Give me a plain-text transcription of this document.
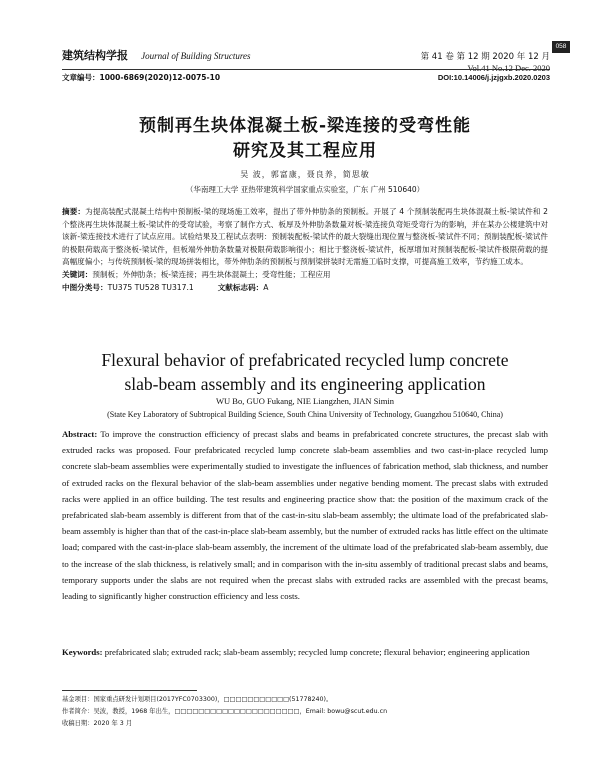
建筑结构学报 Journal of Building Structures	第 41 卷 第 12 期 2020 年 12 月
Vol.41 No.12 Dec. 2020
058
文章编号：1000-6869(2020)12-0075-10	DOI:10.14006/j.jzjgxb.2020.0203
预制再生块体混凝土板-梁连接的受弯性能
研究及其工程应用
吴 波，郭富康，聂良养，简思敏
（华南理工大学 亚热带建筑科学国家重点实验室，广东 广州 510640）
摘要：为提高装配式混凝土结构中预制板-梁的现场施工效率，提出了带外伸肋条的预制板。开展了 4 个预制装配再生块体混凝土板-梁试件和 2 个整浇再生块体混凝土板-梁试件的受弯试验，考察了制作方式、板厚及外伸肋条数量对板-梁连接负弯矩受弯行为的影响，并在某办公楼建筑中对该新-梁连接技术进行了试点应用。试验结果及工程试点表明：预制装配板-梁试件的最大裂缝出现位置与整浇板-梁试件不同；预制装配板-梁试件的极限荷载高于整浇板-梁试件，但板端外伸肋条数量对极限荷载影响很小；相比于整浇板-梁试件，板厚增加对预制装配板-梁试件极限荷载的提高幅度偏小；与传统预制板-梁的现场拼装相比，带外伸肋条的预制板与预制梁拼装时无需施工临时支撑，可提高施工效率，节约施工成本。
关键词：预制板；外伸肋条；板-梁连接；再生块体混凝土；受弯性能；工程应用
中图分类号：TU375 TU528 TU317.1	文献标志码：A
Flexural behavior of prefabricated recycled lump concrete
slab-beam assembly and its engineering application
WU Bo, GUO Fukang, NIE Liangzhen, JIAN Simin
(State Key Laboratory of Subtropical Building Science, South China University of Technology, Guangzhou 510640, China)
Abstract: To improve the construction efficiency of precast slabs and beams in prefabricated concrete structures, the precast slab with extruded racks was proposed. Four prefabricated recycled lump concrete slab-beam assemblies and two cast-in-place recycled lump concrete slab-beam assemblies were experimentally studied to investigate the influences of fabrication method, slab thickness, and number of extruded racks on the flexural behavior of the slab-beam assemblies under negative bending moment. The precast slabs with extruded racks were applied in an office building. The test results and engineering practice show that: the position of the maximum crack of the prefabricated slab-beam assembly is different from that of the cast-in-situ slab-beam assembly; the ultimate load of the prefabricated slab-beam assembly is higher than that of the cast-in-place slab-beam assembly, but the number of extruded racks has little effect on the ultimate load; compared with the cast-in-place slab-beam assembly, the increment of the ultimate load of the prefabricated slab-beam assembly, due to the increase of the slab thickness, is relatively small; and in comparison with the in-situ assembly of traditional precast slabs and beams, temporary supports under the slabs are not required when the precast slabs with extruded racks are assembled with the precast beams, leading to significantly higher construction efficiency and less costs.
Keywords: prefabricated slab; extruded rack; slab-beam assembly; recycled lump concrete; flexural behavior; engineering application
基金项目：国家重点研发计划项目(2017YFC0703300)，□□□□□□□□□□□(51778240)。
作者简介：吴波，教授，1968 年出生，□□□□□□□□□□□□□□□□□□□□□，Email: bowu@scut.edu.cn
收稿日期：2020 年 3 月
